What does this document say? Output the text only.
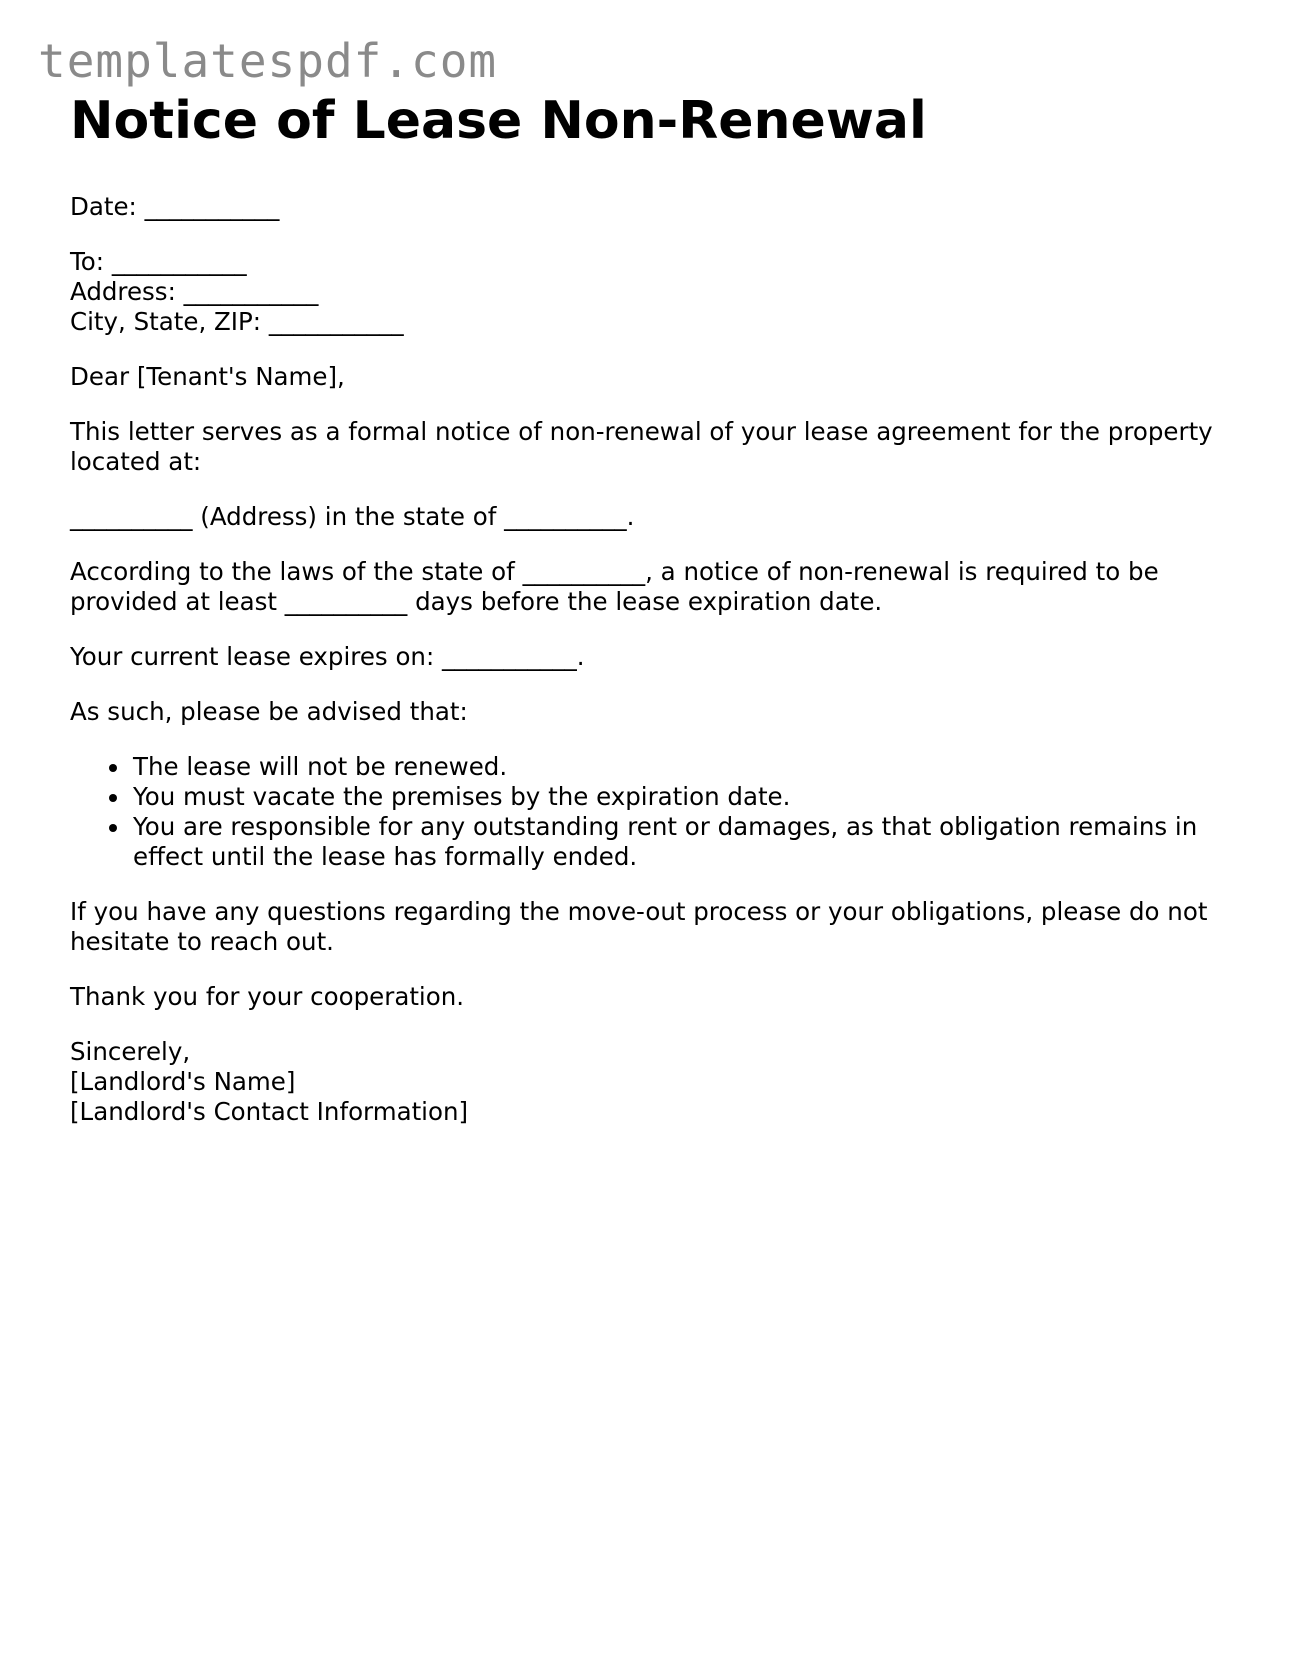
templatespdf.com
Notice of Lease Non-Renewal

Date: ___________

To: ___________

Address: ___________

City, State, ZIP: ___________

Dear [Tenant's Name],

This letter serves as a formal notice of non-renewal of your lease agreement for the property located at:

__________ (Address) in the state of __________.

According to the laws of the state of __________, a notice of non-renewal is required to be provided at least __________ days before the lease expiration date.

Your current lease expires on: ___________.

As such, please be advised that:

The lease will not be renewed.
You must vacate the premises by the expiration date.
You are responsible for any outstanding rent or damages, as that obligation remains in effect until the lease has formally ended.

If you have any questions regarding the move-out process or your obligations, please do not hesitate to reach out.

Thank you for your cooperation.

Sincerely,

[Landlord's Name]

[Landlord's Contact Information]
